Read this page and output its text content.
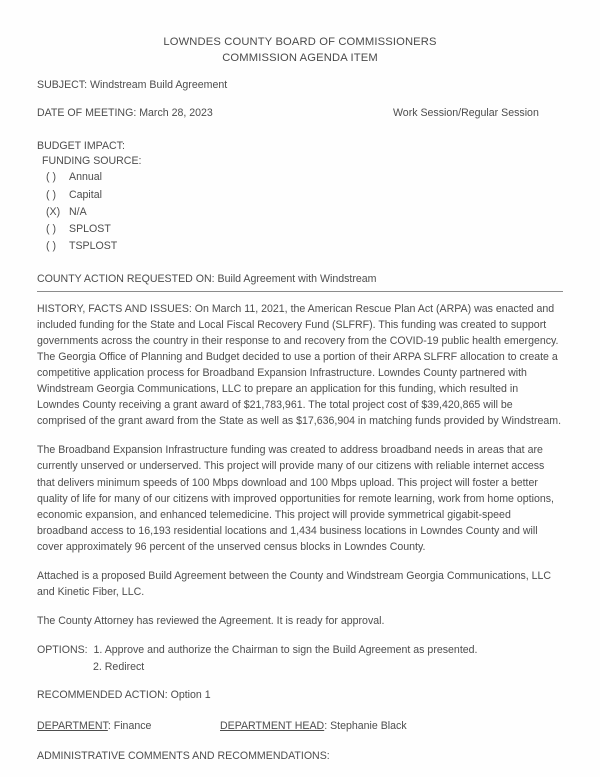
LOWNDES COUNTY BOARD OF COMMISSIONERS
COMMISSION AGENDA ITEM
SUBJECT: Windstream Build Agreement
DATE OF MEETING: March 28, 2023	Work Session/Regular Session
BUDGET IMPACT:
FUNDING SOURCE:
( ) Annual
( ) Capital
(X) N/A
( ) SPLOST
( ) TSPLOST
COUNTY ACTION REQUESTED ON: Build Agreement with Windstream
HISTORY, FACTS AND ISSUES: On March 11, 2021, the American Rescue Plan Act (ARPA) was enacted and included funding for the State and Local Fiscal Recovery Fund (SLFRF). This funding was created to support governments across the country in their response to and recovery from the COVID-19 public health emergency. The Georgia Office of Planning and Budget decided to use a portion of their ARPA SLFRF allocation to create a competitive application process for Broadband Expansion Infrastructure. Lowndes County partnered with Windstream Georgia Communications, LLC to prepare an application for this funding, which resulted in Lowndes County receiving a grant award of $21,783,961. The total project cost of $39,420,865 will be comprised of the grant award from the State as well as $17,636,904 in matching funds provided by Windstream.
The Broadband Expansion Infrastructure funding was created to address broadband needs in areas that are currently unserved or underserved. This project will provide many of our citizens with reliable internet access that delivers minimum speeds of 100 Mbps download and 100 Mbps upload. This project will foster a better quality of life for many of our citizens with improved opportunities for remote learning, work from home options, economic expansion, and enhanced telemedicine. This project will provide symmetrical gigabit-speed broadband access to 16,193 residential locations and 1,434 business locations in Lowndes County and will cover approximately 96 percent of the unserved census blocks in Lowndes County.
Attached is a proposed Build Agreement between the County and Windstream Georgia Communications, LLC and Kinetic Fiber, LLC.
The County Attorney has reviewed the Agreement. It is ready for approval.
OPTIONS: 1. Approve and authorize the Chairman to sign the Build Agreement as presented.
2. Redirect
RECOMMENDED ACTION: Option 1
DEPARTMENT: Finance	DEPARTMENT HEAD: Stephanie Black
ADMINISTRATIVE COMMENTS AND RECOMMENDATIONS:
